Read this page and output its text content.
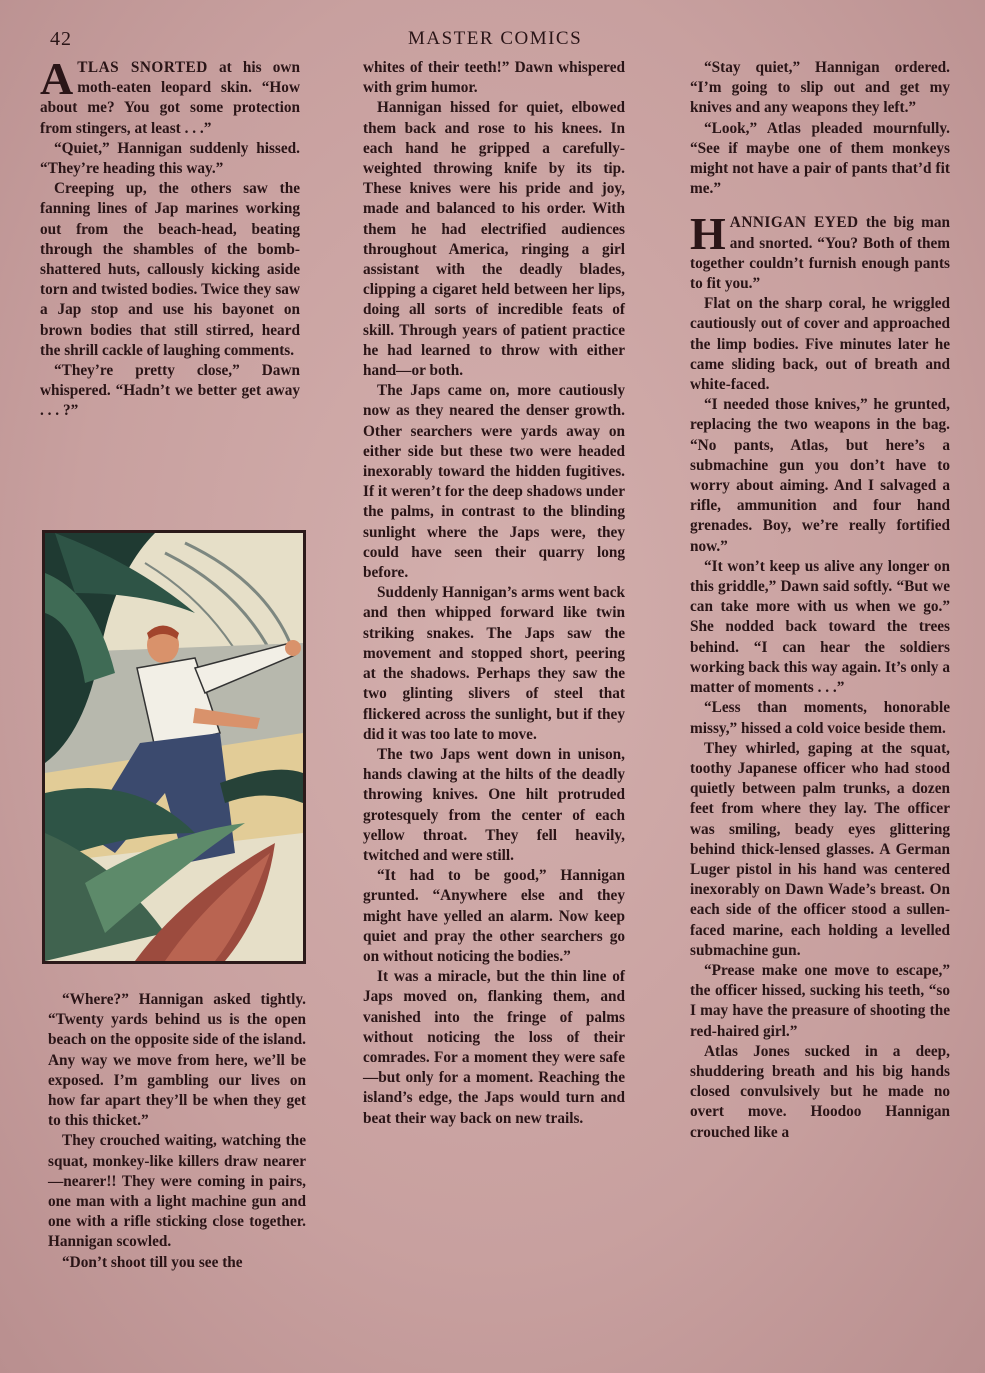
42	MASTER COMICS

ATLAS SNORTED at his own moth-eaten leopard skin. “How about me? You got some protection from stingers, at least . . .”

“Quiet,” Hannigan suddenly hissed. “They’re heading this way.”

Creeping up, the others saw the fanning lines of Jap marines working out from the beach-head, beating through the shambles of the bomb-shattered huts, callously kicking aside torn and twisted bodies. Twice they saw a Jap stop and use his bayonet on brown bodies that still stirred, heard the shrill cackle of laughing comments.

“They’re pretty close,” Dawn whispered. “Hadn’t we better get away . . . ?”

“Where?” Hannigan asked tightly. “Twenty yards behind us is the open beach on the opposite side of the island. Any way we move from here, we’ll be exposed. I’m gambling our lives on how far apart they’ll be when they get to this thicket.”

They crouched waiting, watching the squat, monkey-like killers draw nearer—nearer!! They were coming in pairs, one man with a light machine gun and one with a rifle sticking close together. Hannigan scowled.

“Don’t shoot till you see the

whites of their teeth!” Dawn whispered with grim humor.

Hannigan hissed for quiet, elbowed them back and rose to his knees. In each hand he gripped a carefully-weighted throwing knife by its tip. These knives were his pride and joy, made and balanced to his order. With them he had electrified audiences throughout America, ringing a girl assistant with the deadly blades, clipping a cigaret held between her lips, doing all sorts of incredible feats of skill. Through years of patient practice he had learned to throw with either hand—or both.

The Japs came on, more cautiously now as they neared the denser growth. Other searchers were yards away on either side but these two were headed inexorably toward the hidden fugitives. If it weren’t for the deep shadows under the palms, in contrast to the blinding sunlight where the Japs were, they could have seen their quarry long before.

Suddenly Hannigan’s arms went back and then whipped forward like twin striking snakes. The Japs saw the movement and stopped short, peering at the shadows. Perhaps they saw the two glinting slivers of steel that flickered across the sunlight, but if they did it was too late to move.

The two Japs went down in unison, hands clawing at the hilts of the deadly throwing knives. One hilt protruded grotesquely from the center of each yellow throat. They fell heavily, twitched and were still.

“It had to be good,” Hannigan grunted. “Anywhere else and they might have yelled an alarm. Now keep quiet and pray the other searchers go on without noticing the bodies.”

It was a miracle, but the thin line of Japs moved on, flanking them, and vanished into the fringe of palms without noticing the loss of their comrades. For a moment they were safe—but only for a moment. Reaching the island’s edge, the Japs would turn and beat their way back on new trails.

“Stay quiet,” Hannigan ordered. “I’m going to slip out and get my knives and any weapons they left.”

“Look,” Atlas pleaded mournfully. “See if maybe one of them monkeys might not have a pair of pants that’d fit me.”

HANNIGAN EYED the big man and snorted. “You? Both of them together couldn’t furnish enough pants to fit you.”

Flat on the sharp coral, he wriggled cautiously out of cover and approached the limp bodies. Five minutes later he came sliding back, out of breath and white-faced.

“I needed those knives,” he grunted, replacing the two weapons in the bag. “No pants, Atlas, but here’s a submachine gun you don’t have to worry about aiming. And I salvaged a rifle, ammunition and four hand grenades. Boy, we’re really fortified now.”

“It won’t keep us alive any longer on this griddle,” Dawn said softly. “But we can take more with us when we go.” She nodded back toward the trees behind. “I can hear the soldiers working back this way again. It’s only a matter of moments . . .”

“Less than moments, honorable missy,” hissed a cold voice beside them.

They whirled, gaping at the squat, toothy Japanese officer who had stood quietly between palm trunks, a dozen feet from where they lay. The officer was smiling, beady eyes glittering behind thick-lensed glasses. A German Luger pistol in his hand was centered inexorably on Dawn Wade’s breast. On each side of the officer stood a sullen-faced marine, each holding a levelled submachine gun.

“Prease make one move to escape,” the officer hissed, sucking his teeth, “so I may have the preasure of shooting the red-haired girl.”

Atlas Jones sucked in a deep, shuddering breath and his big hands closed convulsively but he made no overt move. Hoodoo Hannigan crouched like a
